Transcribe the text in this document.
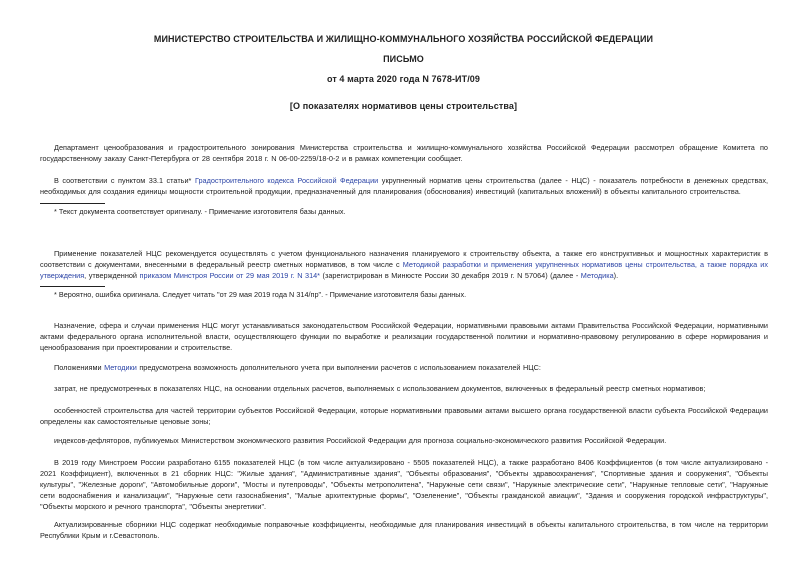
МИНИСТЕРСТВО СТРОИТЕЛЬСТВА И ЖИЛИЩНО-КОММУНАЛЬНОГО ХОЗЯЙСТВА РОССИЙСКОЙ ФЕДЕРАЦИИ
ПИСЬМО
от 4 марта 2020 года N 7678-ИТ/09
[О показателях нормативов цены строительства]
Департамент ценообразования и градостроительного зонирования Министерства строительства и жилищно-коммунального хозяйства Российской Федерации рассмотрел обращение Комитета по государственному заказу Санкт-Петербурга от 28 сентября 2018 г. N 06-00-2259/18-0-2 и в рамках компетенции сообщает.
В соответствии с пунктом 33.1 статьи* Градостроительного кодекса Российской Федерации укрупненный норматив цены строительства (далее - НЦС) - показатель потребности в денежных средствах, необходимых для создания единицы мощности строительной продукции, предназначенный для планирования (обоснования) инвестиций (капитальных вложений) в объекты капитального строительства.
* Текст документа соответствует оригиналу. - Примечание изготовителя базы данных.
Применение показателей НЦС рекомендуется осуществлять с учетом функционального назначения планируемого к строительству объекта, а также его конструктивных и мощностных характеристик в соответствии с документами, внесенными в федеральный реестр сметных нормативов, в том числе с Методикой разработки и применения укрупненных нормативов цены строительства, а также порядка их утверждения, утвержденной приказом Минстроя России от 29 мая 2019 г. N 314* (зарегистрирован в Минюсте России 30 декабря 2019 г. N 57064) (далее - Методика).
* Вероятно, ошибка оригинала. Следует читать "от 29 мая 2019 года N 314/пр". - Примечание изготовителя базы данных.
Назначение, сфера и случаи применения НЦС могут устанавливаться законодательством Российской Федерации, нормативными правовыми актами Правительства Российской Федерации, нормативными актами федерального органа исполнительной власти, осуществляющего функции по выработке и реализации государственной политики и нормативно-правовому регулированию в сфере нормирования и ценообразования при проектировании и строительстве.
Положениями Методики предусмотрена возможность дополнительного учета при выполнении расчетов с использованием показателей НЦС:
затрат, не предусмотренных в показателях НЦС, на основании отдельных расчетов, выполняемых с использованием документов, включенных в федеральный реестр сметных нормативов;
особенностей строительства для частей территории субъектов Российской Федерации, которые нормативными правовыми актами высшего органа государственной власти субъекта Российской Федерации определены как самостоятельные ценовые зоны;
индексов-дефляторов, публикуемых Министерством экономического развития Российской Федерации для прогноза социально-экономического развития Российской Федерации.
В 2019 году Минстроем России разработано 6155 показателей НЦС (в том числе актуализировано - 5505 показателей НЦС), а также разработано 8406 Коэффициентов (в том числе актуализировано - 2021 Коэффициент), включенных в 21 сборник НЦС: "Жилые здания", "Административные здания", "Объекты образования", "Объекты здравоохранения", "Спортивные здания и сооружения", "Объекты культуры", "Железные дороги", "Автомобильные дороги", "Мосты и путепроводы", "Объекты метрополитена", "Наружные сети связи", "Наружные электрические сети", "Наружные тепловые сети", "Наружные сети водоснабжения и канализации", "Наружные сети газоснабжения", "Малые архитектурные формы", "Озеленение", "Объекты гражданской авиации", "Здания и сооружения городской инфраструктуры", "Объекты морского и речного транспорта", "Объекты энергетики".
Актуализированные сборники НЦС содержат необходимые поправочные коэффициенты, необходимые для планирования инвестиций в объекты капитального строительства, в том числе на территории Республики Крым и г.Севастополь.
